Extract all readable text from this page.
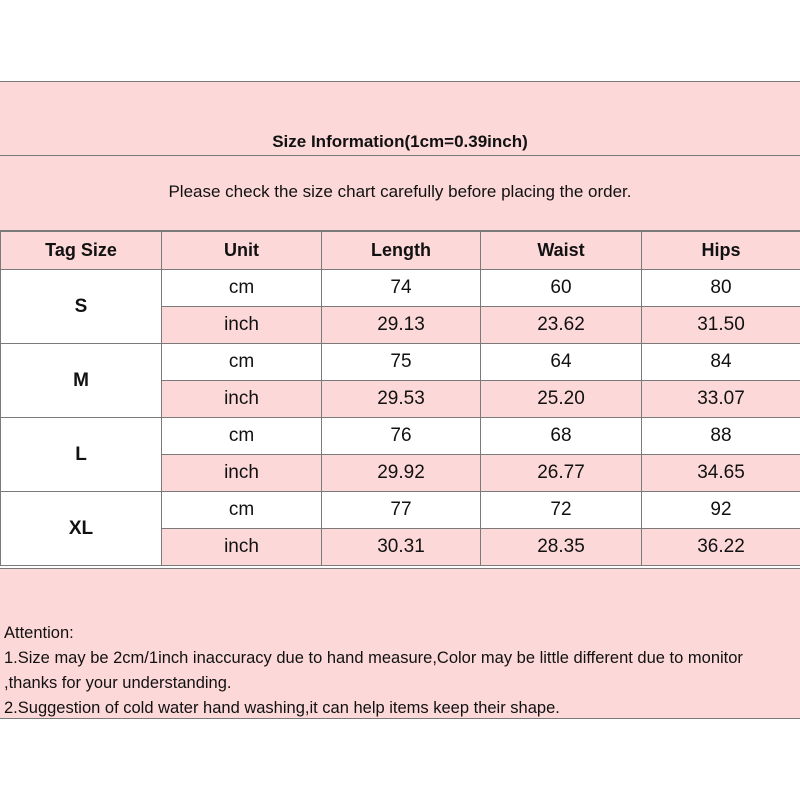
Size Information(1cm=0.39inch)
Please check the size chart carefully before placing the order.
Tag Size	Unit	Length	Waist	Hips
S	cm	74	60	80
	inch	29.13	23.62	31.50
M	cm	75	64	84
	inch	29.53	25.20	33.07
L	cm	76	68	88
	inch	29.92	26.77	34.65
XL	cm	77	72	92
	inch	30.31	28.35	36.22
Attention:
1.Size may be 2cm/1inch inaccuracy due to hand measure,Color may be little different due to monitor
,thanks for your understanding.
2.Suggestion of cold water hand washing,it can help items keep their shape.
